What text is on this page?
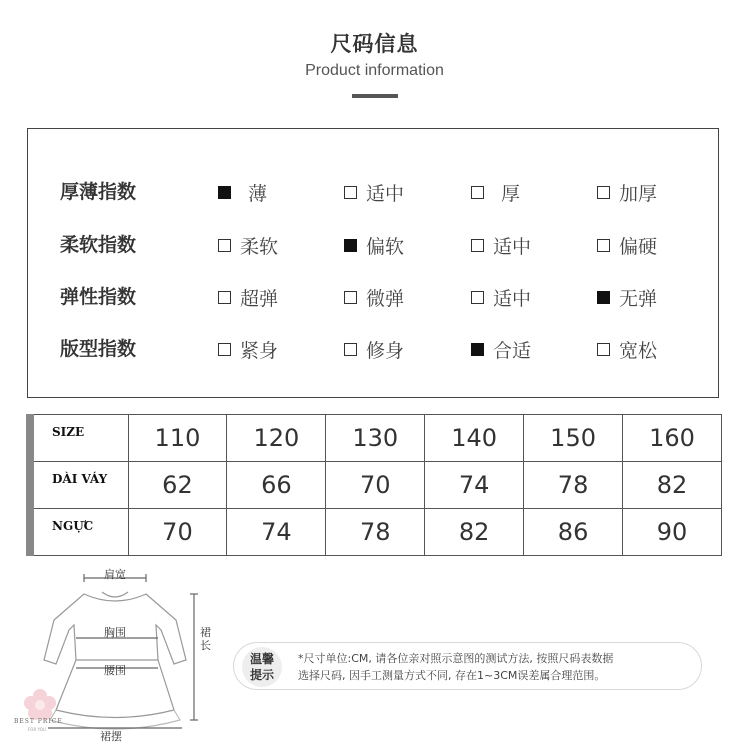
尺码信息
Product information
厚薄指数	薄	适中	厚	加厚
柔软指数	柔软	偏软	适中	偏硬
弹性指数	超弹	微弹	适中	无弹
版型指数	紧身	修身	合适	宽松
SIZE	110	120	130	140	150	160
DÀI VÁY	62	66	70	74	78	82
NGỰC	70	74	78	82	86	90
肩宽
胸围
腰围
裙长
裙摆
温馨
提示
*尺寸单位:CM, 请各位亲对照示意图的测试方法, 按照尺码表数据
选择尺码, 因手工测量方式不同, 存在1~3CM误差属合理范围。
BEST PRICE
FOR YOU
